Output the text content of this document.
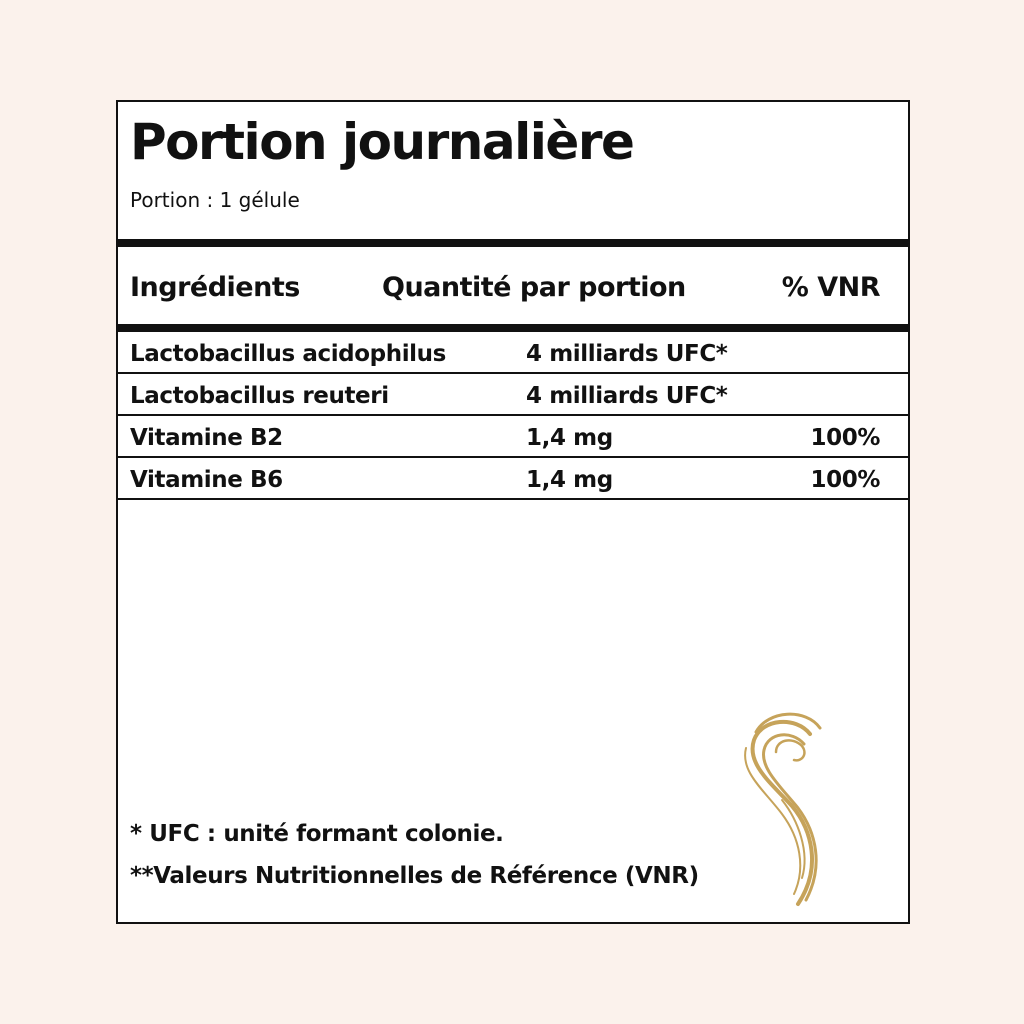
Portion journalière
Portion : 1 gélule
Ingrédients	Quantité par portion	% VNR
Lactobacillus acidophilus	4 milliards UFC*
Lactobacillus reuteri	4 milliards UFC*
Vitamine B2	1,4 mg	100%
Vitamine B6	1,4 mg	100%
* UFC : unité formant colonie.
**Valeurs Nutritionnelles de Référence (VNR)
